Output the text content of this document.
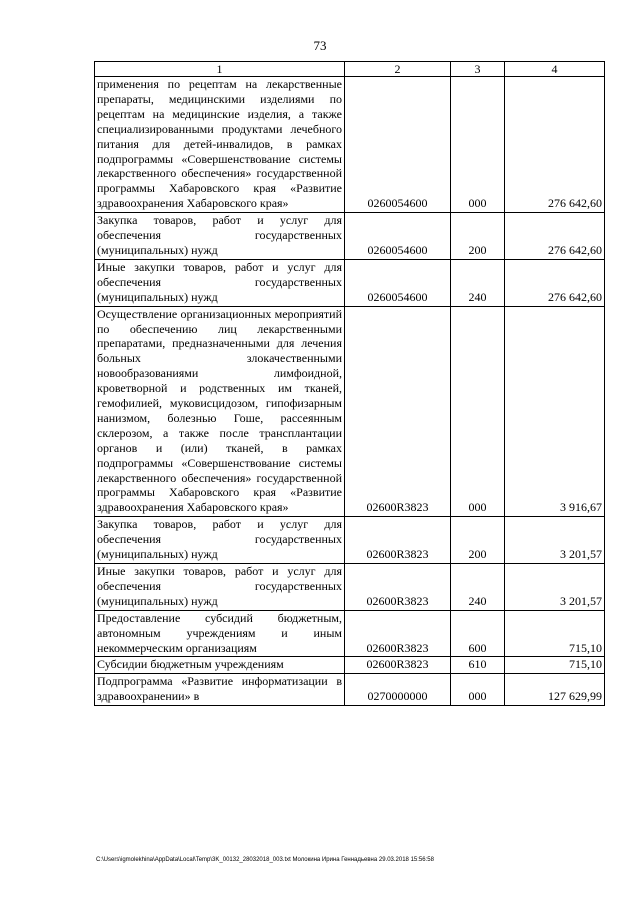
73
1	2	3	4
применения по рецептам на лекарственные препараты, медицинскими изделиями по рецептам на медицинские изделия, а также специализированными продуктами лечебного питания для детей-инвалидов, в рамках подпрограммы «Совершенствование системы лекарственного обеспечения» государственной программы Хабаровского края «Развитие здравоохранения Хабаровского края»	0260054600	000	276 642,60
Закупка товаров, работ и услуг для обеспечения государственных (муниципальных) нужд	0260054600	200	276 642,60
Иные закупки товаров, работ и услуг для обеспечения государственных (муниципальных) нужд	0260054600	240	276 642,60
Осуществление организационных мероприятий по обеспечению лиц лекарственными препаратами, предназначенными для лечения больных злокачественными новообразованиями лимфоидной, кроветворной и родственных им тканей, гемофилией, муковисцидозом, гипофизарным нанизмом, болезнью Гоше, рассеянным склерозом, а также после трансплантации органов и (или) тканей, в рамках подпрограммы «Совершенствование системы лекарственного обеспечения» государственной программы Хабаровского края «Развитие здравоохранения Хабаровского края»	02600R3823	000	3 916,67
Закупка товаров, работ и услуг для обеспечения государственных (муниципальных) нужд	02600R3823	200	3 201,57
Иные закупки товаров, работ и услуг для обеспечения государственных (муниципальных) нужд	02600R3823	240	3 201,57
Предоставление субсидий бюджетным, автономным учреждениям и иным некоммерческим организациям	02600R3823	600	715,10
Субсидии бюджетным учреждениям	02600R3823	610	715,10
Подпрограмма «Развитие информатизации в здравоохранении» в	0270000000	000	127 629,99
C:\Users\igmolekhina\AppData\Local\Temp\3K_00132_28032018_003.txt Молокина Ирина Геннадьевна 29.03.2018 15:56:58
